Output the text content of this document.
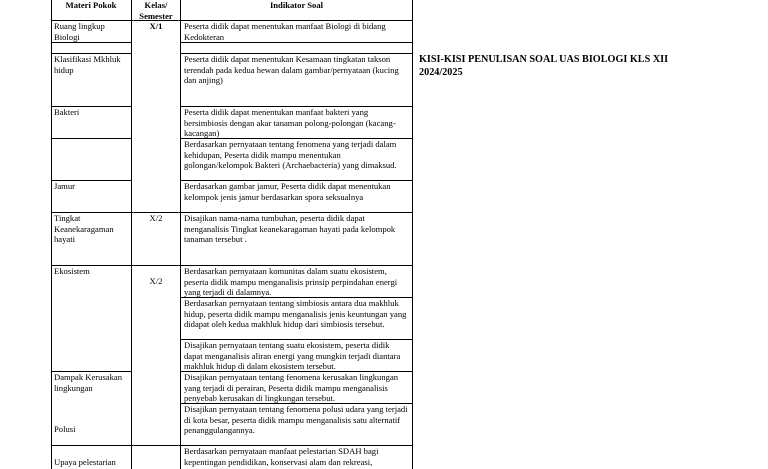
Materi Pokok	Kelas/ Semester
Indikator Soal
Ruang lingkup Biologi
Klasifikasi Mkhluk hidup
Bakteri
Jamur
Tingkat Keanekaragaman hayati
Ekosistem
Dampak Kerusakan lingkungan
Polusi
Upaya pelestarian
X/1
X/2
X/2
Peserta didik dapat menentukan manfaat Biologi di bidang Kedokteran
Peserta didik dapat menentukan Kesamaan tingkatan takson terendah pada kedua hewan dalam gambar/pernyataan (kucing dan anjing)
Peserta didik dapat menentukan manfaat bakteri yang bersimbiosis dengan akar tanaman polong-polongan (kacang-kacangan)
Berdasarkan pernyataan tentang fenomena yang terjadi dalam kehidupan, Peserta didik mampu menentukan golongan/kelompok Bakteri (Archaebacteria) yang dimaksud.
Berdasarkan gambar jamur, Peserta didik dapat menentukan kelompok jenis jamur berdasarkan spora seksualnya
Disajikan nama-nama tumbuhan, peserta didik dapat menganalisis Tingkat keanekaragaman hayati pada kelompok tanaman tersebut .
Berdasarkan pernyataan komunitas dalam suatu ekosistem, peserta didik mampu menganalisis prinsip perpindahan energi yang terjadi di dalamnya.
Berdasarkan pernyataan tentang simbiosis antara dua makhluk hidup, peserta didik mampu menganalisis jenis keuntungan yang didapat oleh kedua makhluk hidup dari simbiosis tersebut.
Disajikan pernyataan tentang suatu ekosistem, peserta didik dapat menganalisis aliran energi yang mungkin terjadi diantara makhluk hidup di dalam ekosistem tersebut.
Disajikan pernyataan tentang fenomena kerusakan lingkungan yang terjadi di perairan, Peserta didik mampu menganalisis penyebab kerusakan di lingkungan tersebut.
Disajikan pernyataan tentang fenomena polusi udara yang terjadi di kota besar, peserta didik mampu menganalisis satu alternatif penanggulangannya.
Berdasarkan pernyataan manfaat pelestarian SDAH bagi kepentingan pendidikan, konservasi alam dan rekreasi,
KISI-KISI PENULISAN SOAL UAS BIOLOGI KLS XII
2024/2025
